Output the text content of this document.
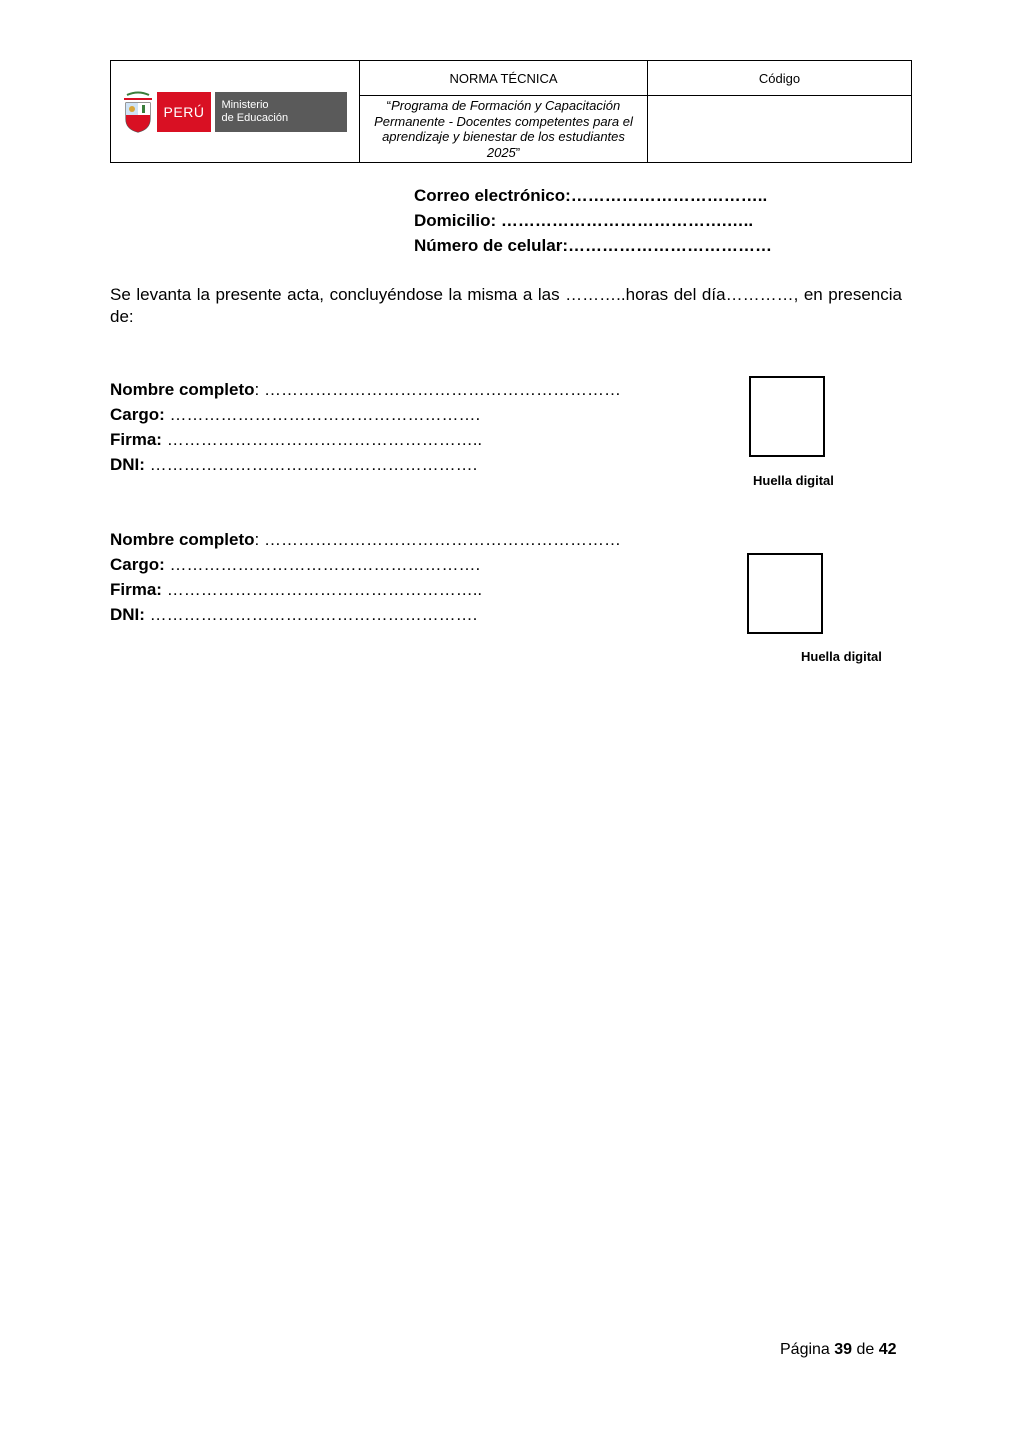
PERÚ Ministerio
de Educación	NORMA TÉCNICA	Código
	“Programa de Formación y Capacitación Permanente - Docentes competentes para el aprendizaje y bienestar de los estudiantes 2025”	
Correo electrónico:……………………………..
Domicilio: ………………………………….…..
Número de celular:………………………………
Se levanta la presente acta, concluyéndose la misma a las ………..horas del día…………, en presencia de:
Nombre completo: ………………………………………………………
Cargo: ……………………………………………….
Firma: ………………………………………………..
DNI: ………………………………………………….
Huella digital
Nombre completo: ………………………………………………………
Cargo: ……………………………………………….
Firma: ………………………………………………..
DNI: ………………………………………………….
Huella digital
Página 39 de 42
